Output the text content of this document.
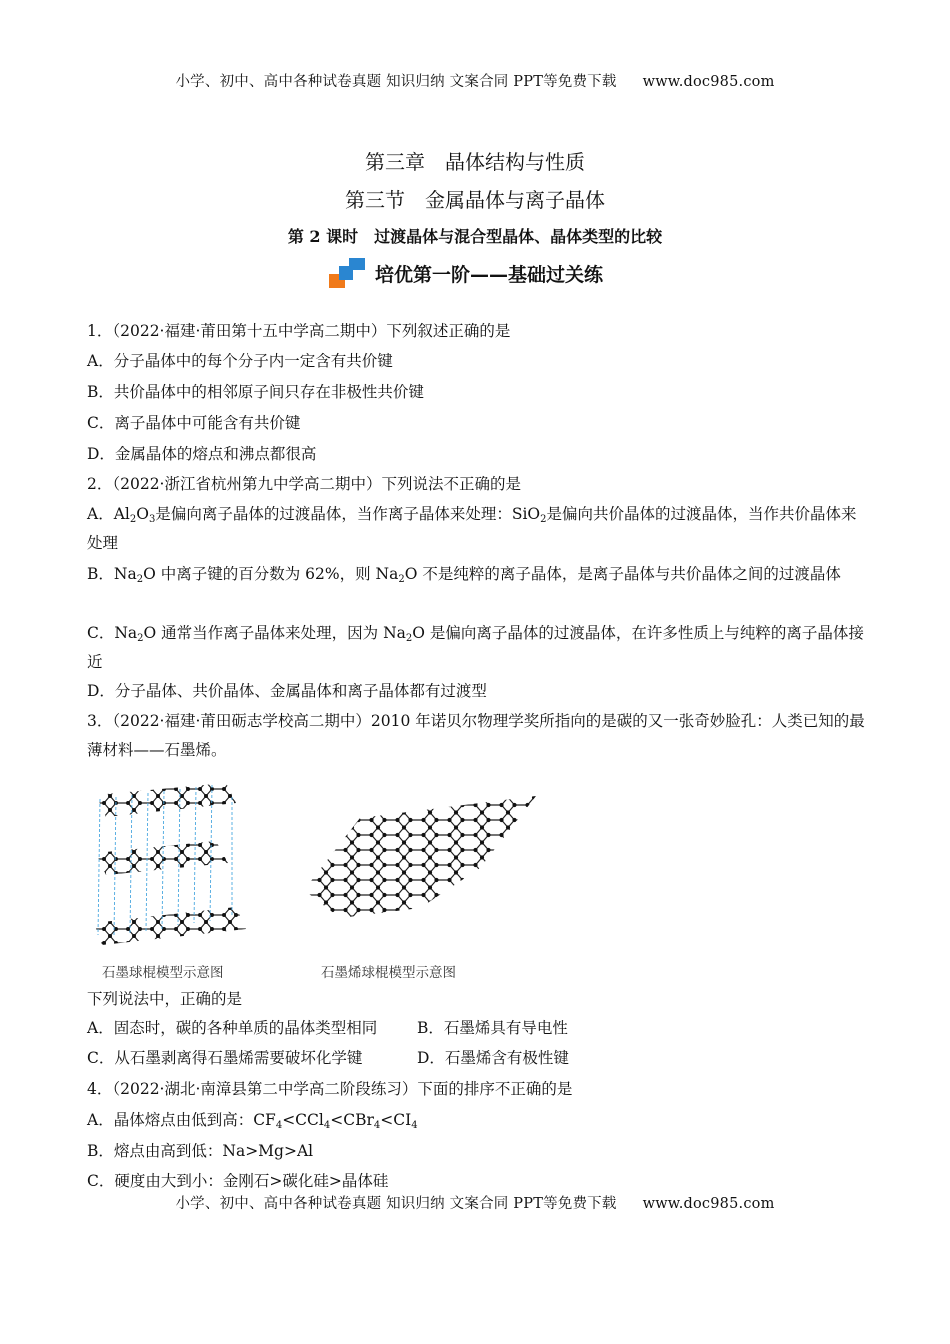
小学、初中、高中各种试卷真题 知识归纳 文案合同 PPT等免费下载 www.doc985.com
第三章　晶体结构与性质
第三节　金属晶体与离子晶体
第 2 课时　过渡晶体与混合型晶体、晶体类型的比较
培优第一阶——基础过关练
1．（2022·福建·莆田第十五中学高二期中）下列叙述正确的是
A．分子晶体中的每个分子内一定含有共价键
B．共价晶体中的相邻原子间只存在非极性共价键
C．离子晶体中可能含有共价键
D．金属晶体的熔点和沸点都很高
2．（2022·浙江省杭州第九中学高二期中）下列说法不正确的是
A．$Al_2O_3$是偏向离子晶体的过渡晶体，当作离子晶体来处理：SiO$_2$是偏向共价晶体的过渡晶体，当作共价晶体来处理
B．$Na_2O$ 中离子键的百分数为 62%，则 $Na_2O$ 不是纯粹的离子晶体，是离子晶体与共价晶体之间的过渡晶体
C．$Na_2O$ 通常当作离子晶体来处理，因为 $Na_2O$ 是偏向离子晶体的过渡晶体，在许多性质上与纯粹的离子晶体接近
D．分子晶体、共价晶体、金属晶体和离子晶体都有过渡型
3．（2022·福建·莆田砺志学校高二期中）2010 年诺贝尔物理学奖所指向的是碳的又一张奇妙脸孔：人类已知的最薄材料——石墨烯。
石墨球棍模型示意图	石墨烯球棍模型示意图
下列说法中，正确的是
A．固态时，碳的各种单质的晶体类型相同	B．石墨烯具有导电性
C．从石墨剥离得石墨烯需要破坏化学键	D．石墨烯含有极性键
4．（2022·湖北·南漳县第二中学高二阶段练习）下面的排序不正确的是
A．晶体熔点由低到高：$CF_4<CCl_4<CBr_4<CI_4$
B．熔点由高到低：Na>Mg>Al
C．硬度由大到小：金刚石>碳化硅>晶体硅
小学、初中、高中各种试卷真题 知识归纳 文案合同 PPT等免费下载 www.doc985.com
